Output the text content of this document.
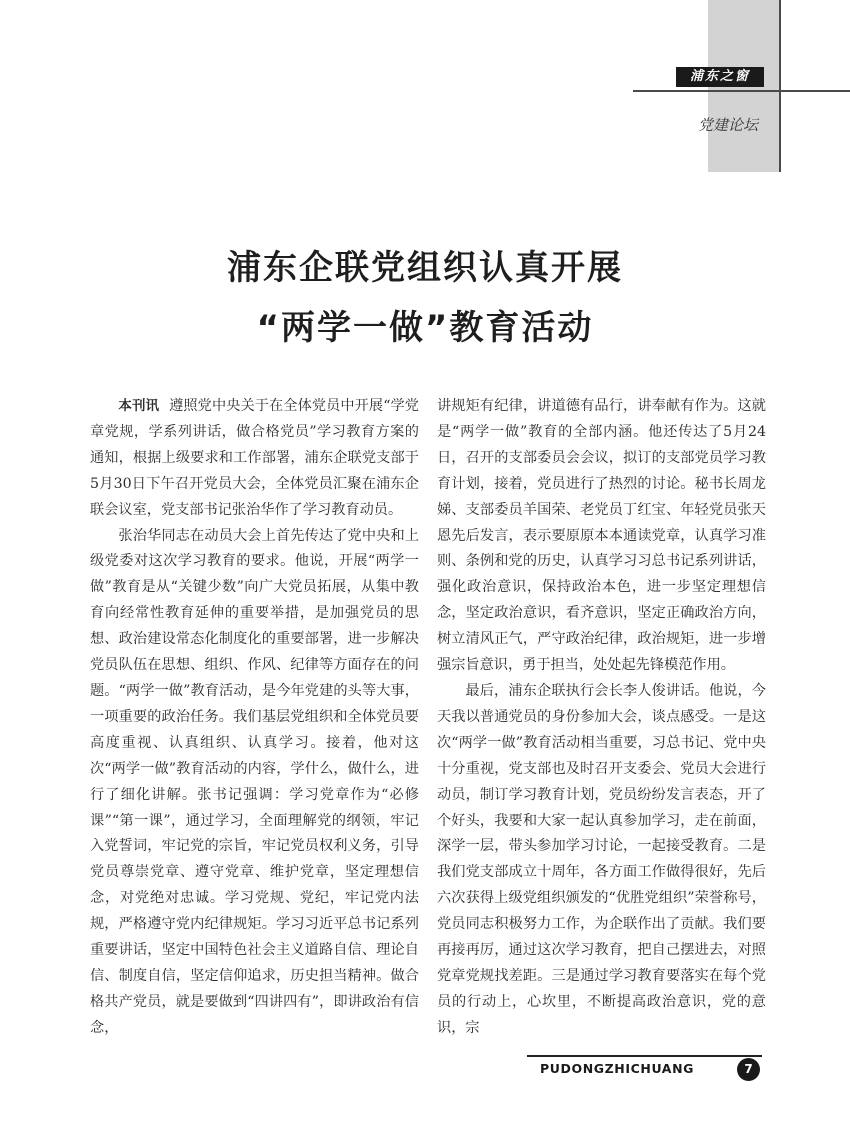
浦东之窗
党建论坛
浦东企联党组织认真开展
“两学一做”教育活动

本刊讯 遵照党中央关于在全体党员中开展“学党章党规，学系列讲话，做合格党员”学习教育方案的通知，根据上级要求和工作部署，浦东企联党支部于5月30日下午召开党员大会，全体党员汇聚在浦东企联会议室，党支部书记张治华作了学习教育动员。

张治华同志在动员大会上首先传达了党中央和上级党委对这次学习教育的要求。他说，开展“两学一做”教育是从“关键少数”向广大党员拓展，从集中教育向经常性教育延伸的重要举措，是加强党员的思想、政治建设常态化制度化的重要部署，进一步解决党员队伍在思想、组织、作风、纪律等方面存在的问题。“两学一做”教育活动，是今年党建的头等大事，一项重要的政治任务。我们基层党组织和全体党员要高度重视、认真组织、认真学习。接着，他对这次“两学一做”教育活动的内容，学什么，做什么，进行了细化讲解。张书记强调：学习党章作为“必修课”“第一课”，通过学习，全面理解党的纲领，牢记入党誓词，牢记党的宗旨，牢记党员权利义务，引导党员尊崇党章、遵守党章、维护党章，坚定理想信念，对党绝对忠诚。学习党规、党纪，牢记党内法规，严格遵守党内纪律规矩。学习习近平总书记系列重要讲话，坚定中国特色社会主义道路自信、理论自信、制度自信，坚定信仰追求，历史担当精神。做合格共产党员，就是要做到“四讲四有”，即讲政治有信念，

讲规矩有纪律，讲道德有品行，讲奉献有作为。这就是“两学一做”教育的全部内涵。他还传达了5月24日，召开的支部委员会会议，拟订的支部党员学习教育计划，接着，党员进行了热烈的讨论。秘书长周龙娣、支部委员羊国荣、老党员丁红宝、年轻党员张天恩先后发言，表示要原原本本通读党章，认真学习准则、条例和党的历史，认真学习习总书记系列讲话，强化政治意识，保持政治本色，进一步坚定理想信念，坚定政治意识，看齐意识，坚定正确政治方向，树立清风正气，严守政治纪律，政治规矩，进一步增强宗旨意识，勇于担当，处处起先锋模范作用。

最后，浦东企联执行会长李人俊讲话。他说，今天我以普通党员的身份参加大会，谈点感受。一是这次“两学一做”教育活动相当重要，习总书记、党中央十分重视，党支部也及时召开支委会、党员大会进行动员，制订学习教育计划，党员纷纷发言表态，开了个好头，我要和大家一起认真参加学习，走在前面，深学一层，带头参加学习讨论，一起接受教育。二是我们党支部成立十周年，各方面工作做得很好，先后六次获得上级党组织颁发的“优胜党组织”荣誉称号，党员同志积极努力工作，为企联作出了贡献。我们要再接再厉，通过这次学习教育，把自己摆进去，对照党章党规找差距。三是通过学习教育要落实在每个党员的行动上，心坎里，不断提高政治意识，党的意识，宗

PUDONGZHICHUANG	7
